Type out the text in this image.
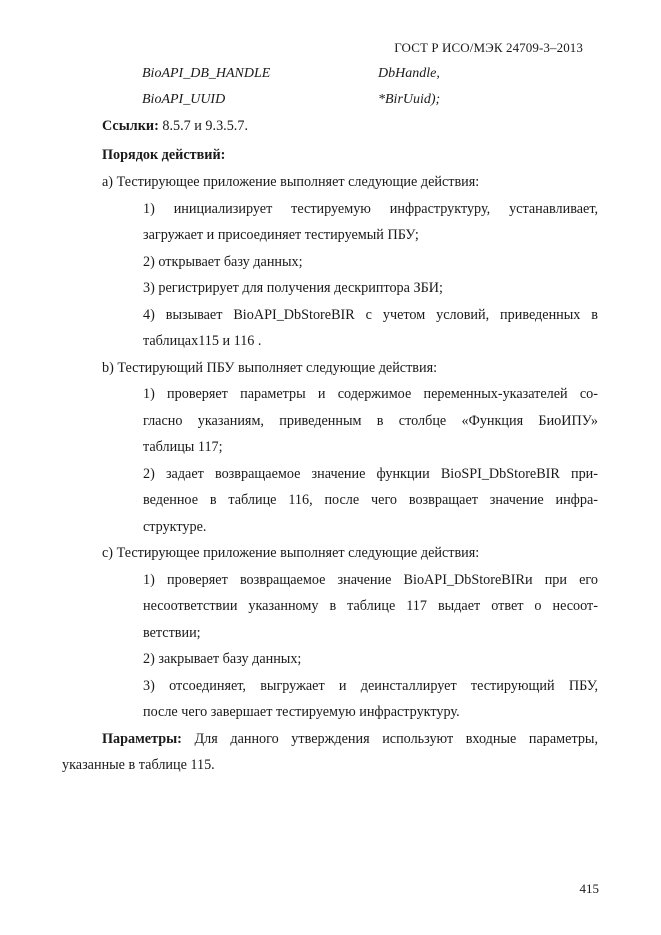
ГОСТ Р ИСО/МЭК 24709-3–2013
BioAPI_DB_HANDLE	DbHandle,
BioAPI_UUID	*BirUuid);
Ссылки: 8.5.7 и 9.3.5.7.
Порядок действий:
а) Тестирующее приложение выполняет следующие действия:
1) инициализирует тестируемую инфраструктуру, устанавливает,
загружает и присоединяет тестируемый ПБУ;
2) открывает базу данных;
3) регистрирует для получения дескриптора ЗБИ;
4) вызывает BioAPI_DbStoreBIR с учетом условий, приведенных в
таблицах115 и 116 .
b) Тестирующий ПБУ выполняет следующие действия:
1) проверяет параметры и содержимое переменных-указателей со-
гласно указаниям, приведенным в столбце «Функция БиоИПУ»
таблицы 117;
2) задает возвращаемое значение функции BioSPI_DbStoreBIR при-
веденное в таблице 116, после чего возвращает значение инфра-
структуре.
с) Тестирующее приложение выполняет следующие действия:
1) проверяет возвращаемое значение BioAPI_DbStoreBIRи при его
несоответствии указанному в таблице 117 выдает ответ о несоот-
ветствии;
2) закрывает базу данных;
3) отсоединяет, выгружает и деинсталлирует тестирующий ПБУ,
после чего завершает тестируемую инфраструктуру.
Параметры: Для данного утверждения используют входные параметры,
указанные в таблице 115.
415
